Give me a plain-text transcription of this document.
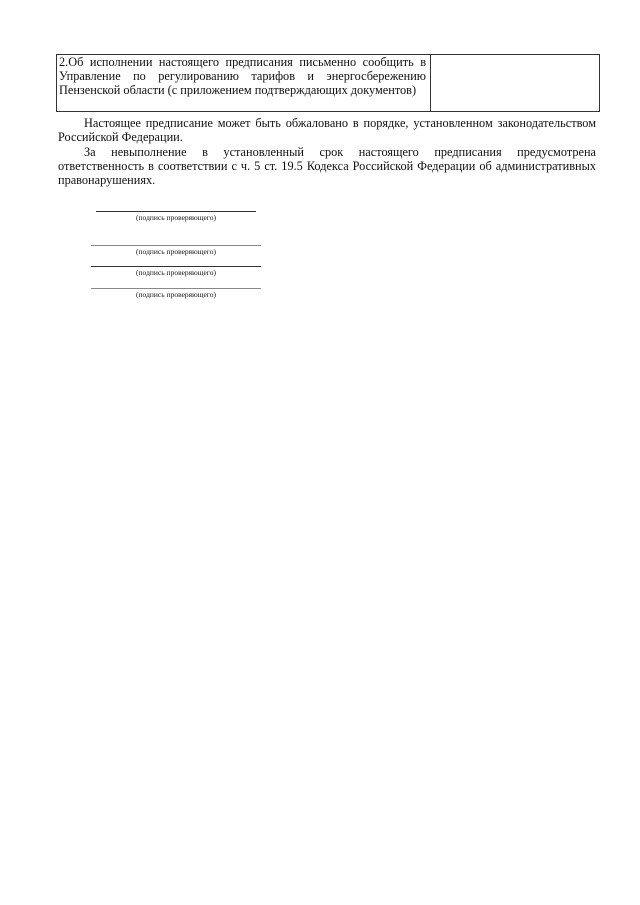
2.Об исполнении настоящего предписания письменно сообщить в Управление по регулированию тарифов и энергосбережению Пензенской области (с приложением подтверждающих документов)
Настоящее предписание может быть обжаловано в порядке, установленном законодательством Российской Федерации.
За невыполнение в установленный срок настоящего предписания предусмотрена ответственность в соответствии с ч. 5 ст. 19.5 Кодекса Российской Федерации об административных правонарушениях.
(подпись проверяющего)
(подпись проверяющего)
(подпись проверяющего)
(подпись проверяющего)
